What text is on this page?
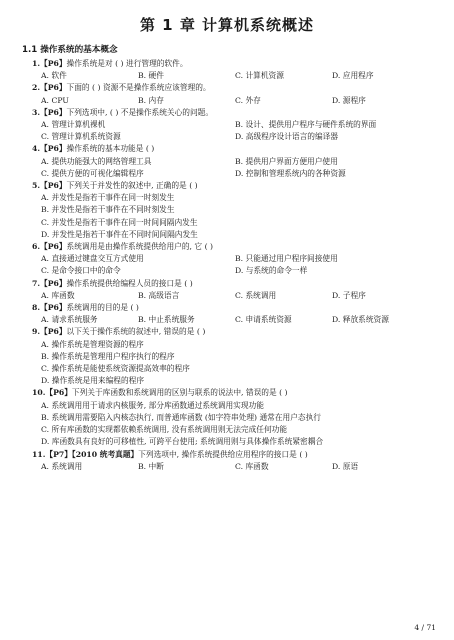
第 1 章 计算机系统概述
1.1 操作系统的基本概念
1.【P6】操作系统是对 ( ) 进行管理的软件。
A. 软件	B. 硬件	C. 计算机资源	D. 应用程序
2.【P6】下面的 ( ) 资源不是操作系统应该管理的。
A. CPU	B. 内存	C. 外存	D. 源程序
3.【P6】下列选项中, ( ) 不是操作系统关心的问题。
A. 管理计算机裸机	B. 设计、提供用户程序与硬件系统的界面
C. 管理计算机系统资源	D. 高级程序设计语言的编译器
4.【P6】操作系统的基本功能是 ( )
A. 提供功能强大的网络管理工具	B. 提供用户界面方便用户使用
C. 提供方便的可视化编辑程序	D. 控制和管理系统内的各种资源
5.【P6】下列关于并发性的叙述中, 正确的是 ( )
A. 并发性是指若干事件在同一时刻发生
B. 并发性是指若干事件在不同时刻发生
C. 并发性是指若干事件在同一时间间隔内发生
D. 并发性是指若干事件在不同时间间隔内发生
6.【P6】系统调用是由操作系统提供给用户的, 它 ( )
A. 直接通过键盘交互方式使用	B. 只能通过用户程序间接使用
C. 是命令接口中的命令	D. 与系统的命令一样
7.【P6】操作系统提供给编程人员的接口是 ( )
A. 库函数	B. 高级语言	C. 系统调用	D. 子程序
8.【P6】系统调用的目的是 ( )
A. 请求系统服务	B. 中止系统服务	C. 申请系统资源	D. 释放系统资源
9.【P6】以下关于操作系统的叙述中, 错误的是 ( )
A. 操作系统是管理资源的程序
B. 操作系统是管理用户程序执行的程序
C. 操作系统是能使系统资源提高效率的程序
D. 操作系统是用来编程的程序
10.【P6】下列关于库函数和系统调用的区别与联系的说法中, 错误的是 ( )
A. 系统调用用于请求内核服务, 部分库函数通过系统调用实现功能
B. 系统调用需要陷入内核态执行, 而普通库函数 (如字符串处理) 通常在用户态执行
C. 所有库函数的实现都依赖系统调用, 没有系统调用则无法完成任何功能
D. 库函数具有良好的可移植性, 可跨平台使用; 系统调用则与具体操作系统紧密耦合
11.【P7】【2010 统考真题】下列选项中, 操作系统提供给应用程序的接口是 ( )
A. 系统调用	B. 中断	C. 库函数	D. 原语
4 / 71
